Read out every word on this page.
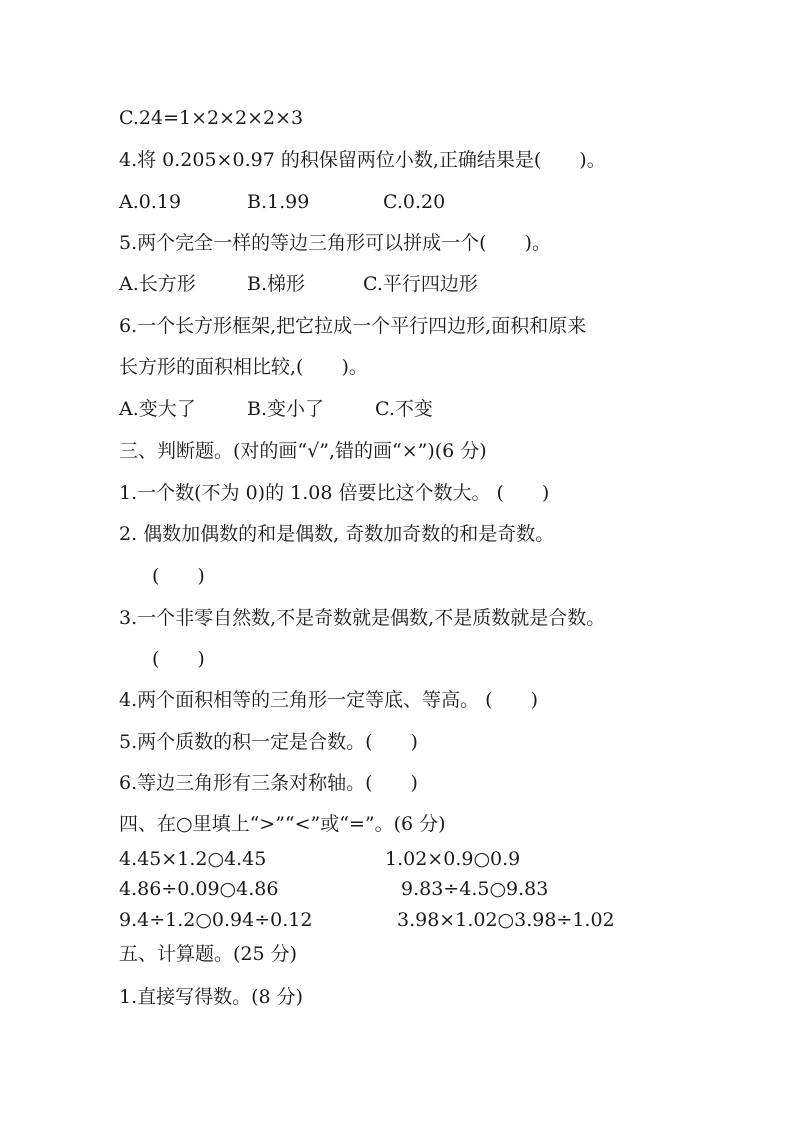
C.24=1×2×2×2×3
4.将 0.205×0.97 的积保留两位小数,正确结果是(　　)。
A.0.19	B.1.99	C.0.20
5.两个完全一样的等边三角形可以拼成一个(　　)。
A.长方形	B.梯形	C.平行四边形
6.一个长方形框架,把它拉成一个平行四边形,面积和原来
长方形的面积相比较,(　　)。
A.变大了	B.变小了	C.不变
三、判断题。(对的画“√”,错的画“×”)(6 分)
1.一个数(不为 0)的 1.08 倍要比这个数大。 (　　)
2. 偶数加偶数的和是偶数, 奇数加奇数的和是奇数。
(　　)
3.一个非零自然数,不是奇数就是偶数,不是质数就是合数。
(　　)
4.两个面积相等的三角形一定等底、等高。 (　　)
5.两个质数的积一定是合数。(　　)
6.等边三角形有三条对称轴。(　　)
四、在○里填上“>”“<”或“=”。(6 分)
4.45×1.2○4.45	1.02×0.9○0.9
4.86÷0.09○4.86	9.83÷4.5○9.83
9.4÷1.2○0.94÷0.12	3.98×1.02○3.98÷1.02
五、计算题。(25 分)
1.直接写得数。(8 分)
